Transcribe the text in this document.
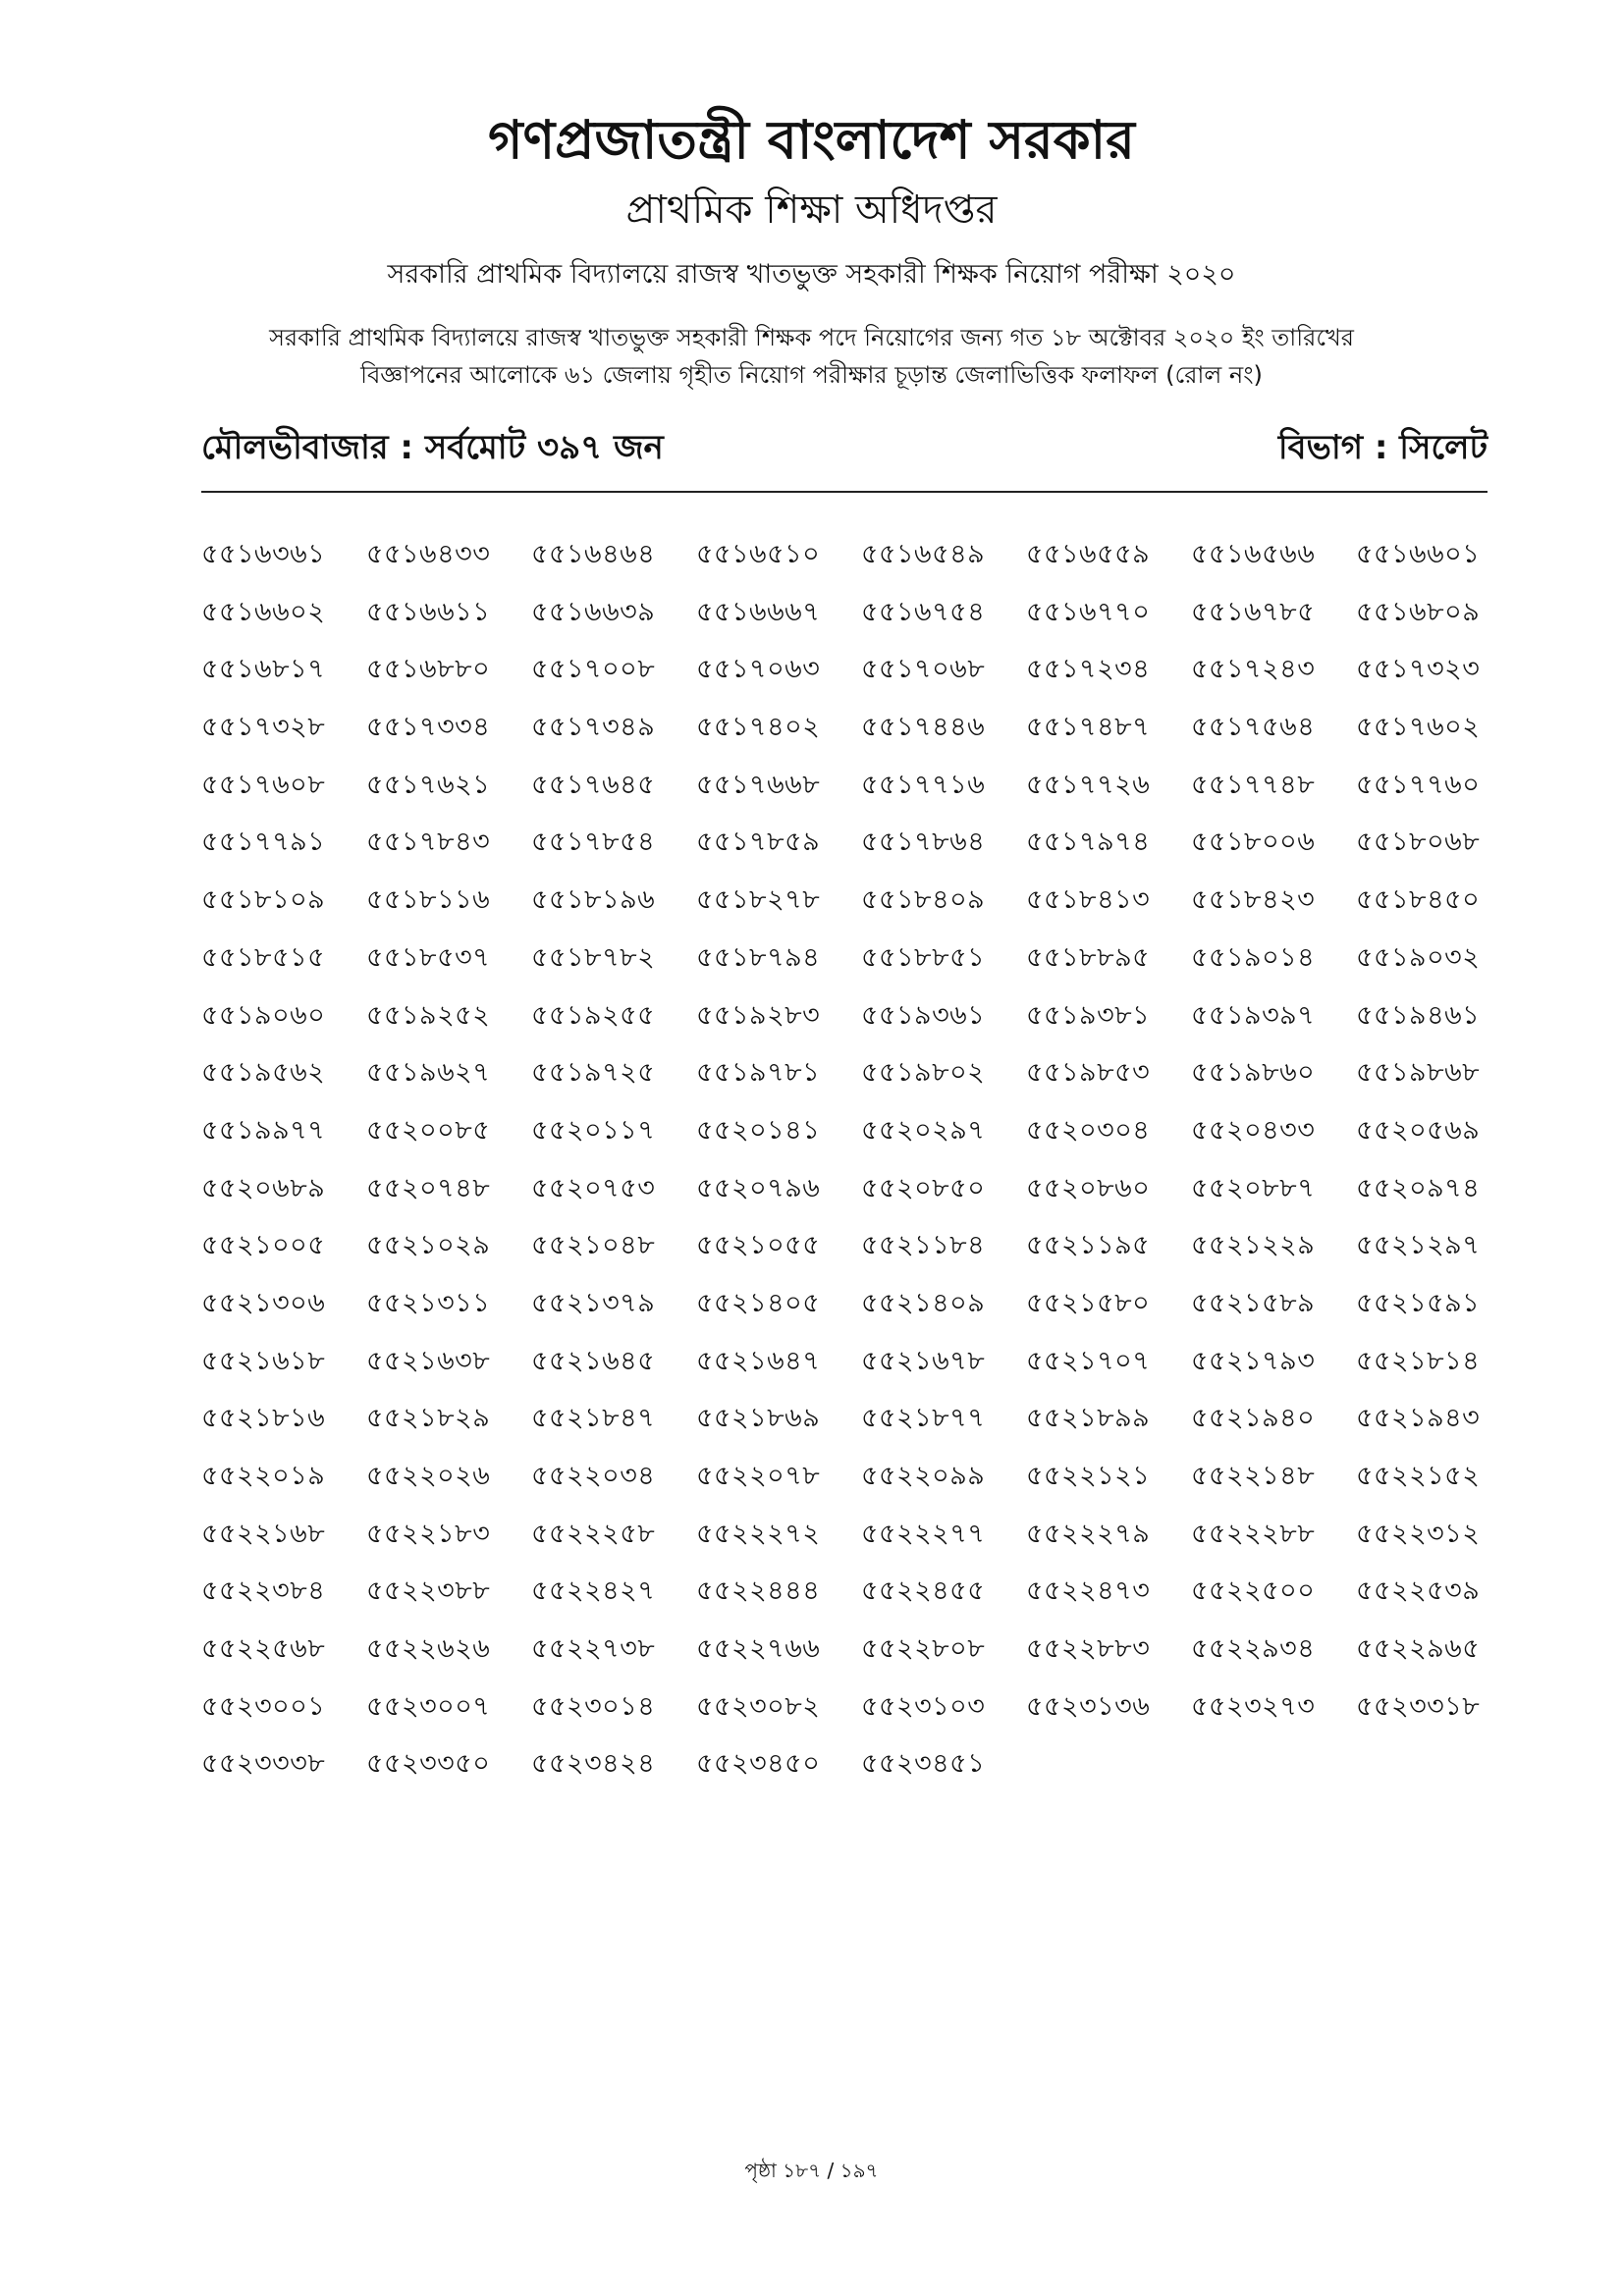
গণপ্রজাতন্ত্রী বাংলাদেশ সরকার
প্রাথমিক শিক্ষা অধিদপ্তর
সরকারি প্রাথমিক বিদ্যালয়ে রাজস্ব খাতভুক্ত সহকারী শিক্ষক নিয়োগ পরীক্ষা ২০২০
সরকারি প্রাথমিক বিদ্যালয়ে রাজস্ব খাতভুক্ত সহকারী শিক্ষক পদে নিয়োগের জন্য গত ১৮ অক্টোবর ২০২০ ইং তারিখের
বিজ্ঞাপনের আলোকে ৬১ জেলায় গৃহীত নিয়োগ পরীক্ষার চূড়ান্ত জেলাভিত্তিক ফলাফল (রোল নং)
মৌলভীবাজার : সর্বমোট ৩৯৭ জন	বিভাগ : সিলেট
৫৫১৬৩৬১	৫৫১৬৪৩৩	৫৫১৬৪৬৪	৫৫১৬৫১০	৫৫১৬৫৪৯	৫৫১৬৫৫৯	৫৫১৬৫৬৬	৫৫১৬৬০১
৫৫১৬৬০২	৫৫১৬৬১১	৫৫১৬৬৩৯	৫৫১৬৬৬৭	৫৫১৬৭৫৪	৫৫১৬৭৭০	৫৫১৬৭৮৫	৫৫১৬৮০৯
৫৫১৬৮১৭	৫৫১৬৮৮০	৫৫১৭০০৮	৫৫১৭০৬৩	৫৫১৭০৬৮	৫৫১৭২৩৪	৫৫১৭২৪৩	৫৫১৭৩২৩
৫৫১৭৩২৮	৫৫১৭৩৩৪	৫৫১৭৩৪৯	৫৫১৭৪০২	৫৫১৭৪৪৬	৫৫১৭৪৮৭	৫৫১৭৫৬৪	৫৫১৭৬০২
৫৫১৭৬০৮	৫৫১৭৬২১	৫৫১৭৬৪৫	৫৫১৭৬৬৮	৫৫১৭৭১৬	৫৫১৭৭২৬	৫৫১৭৭৪৮	৫৫১৭৭৬০
৫৫১৭৭৯১	৫৫১৭৮৪৩	৫৫১৭৮৫৪	৫৫১৭৮৫৯	৫৫১৭৮৬৪	৫৫১৭৯৭৪	৫৫১৮০০৬	৫৫১৮০৬৮
৫৫১৮১০৯	৫৫১৮১১৬	৫৫১৮১৯৬	৫৫১৮২৭৮	৫৫১৮৪০৯	৫৫১৮৪১৩	৫৫১৮৪২৩	৫৫১৮৪৫০
৫৫১৮৫১৫	৫৫১৮৫৩৭	৫৫১৮৭৮২	৫৫১৮৭৯৪	৫৫১৮৮৫১	৫৫১৮৮৯৫	৫৫১৯০১৪	৫৫১৯০৩২
৫৫১৯০৬০	৫৫১৯২৫২	৫৫১৯২৫৫	৫৫১৯২৮৩	৫৫১৯৩৬১	৫৫১৯৩৮১	৫৫১৯৩৯৭	৫৫১৯৪৬১
৫৫১৯৫৬২	৫৫১৯৬২৭	৫৫১৯৭২৫	৫৫১৯৭৮১	৫৫১৯৮০২	৫৫১৯৮৫৩	৫৫১৯৮৬০	৫৫১৯৮৬৮
৫৫১৯৯৭৭	৫৫২০০৮৫	৫৫২০১১৭	৫৫২০১৪১	৫৫২০২৯৭	৫৫২০৩০৪	৫৫২০৪৩৩	৫৫২০৫৬৯
৫৫২০৬৮৯	৫৫২০৭৪৮	৫৫২০৭৫৩	৫৫২০৭৯৬	৫৫২০৮৫০	৫৫২০৮৬০	৫৫২০৮৮৭	৫৫২০৯৭৪
৫৫২১০০৫	৫৫২১০২৯	৫৫২১০৪৮	৫৫২১০৫৫	৫৫২১১৮৪	৫৫২১১৯৫	৫৫২১২২৯	৫৫২১২৯৭
৫৫২১৩০৬	৫৫২১৩১১	৫৫২১৩৭৯	৫৫২১৪০৫	৫৫২১৪০৯	৫৫২১৫৮০	৫৫২১৫৮৯	৫৫২১৫৯১
৫৫২১৬১৮	৫৫২১৬৩৮	৫৫২১৬৪৫	৫৫২১৬৪৭	৫৫২১৬৭৮	৫৫২১৭০৭	৫৫২১৭৯৩	৫৫২১৮১৪
৫৫২১৮১৬	৫৫২১৮২৯	৫৫২১৮৪৭	৫৫২১৮৬৯	৫৫২১৮৭৭	৫৫২১৮৯৯	৫৫২১৯৪০	৫৫২১৯৪৩
৫৫২২০১৯	৫৫২২০২৬	৫৫২২০৩৪	৫৫২২০৭৮	৫৫২২০৯৯	৫৫২২১২১	৫৫২২১৪৮	৫৫২২১৫২
৫৫২২১৬৮	৫৫২২১৮৩	৫৫২২২৫৮	৫৫২২২৭২	৫৫২২২৭৭	৫৫২২২৭৯	৫৫২২২৮৮	৫৫২২৩১২
৫৫২২৩৮৪	৫৫২২৩৮৮	৫৫২২৪২৭	৫৫২২৪৪৪	৫৫২২৪৫৫	৫৫২২৪৭৩	৫৫২২৫০০	৫৫২২৫৩৯
৫৫২২৫৬৮	৫৫২২৬২৬	৫৫২২৭৩৮	৫৫২২৭৬৬	৫৫২২৮০৮	৫৫২২৮৮৩	৫৫২২৯৩৪	৫৫২২৯৬৫
৫৫২৩০০১	৫৫২৩০০৭	৫৫২৩০১৪	৫৫২৩০৮২	৫৫২৩১০৩	৫৫২৩১৩৬	৫৫২৩২৭৩	৫৫২৩৩১৮
৫৫২৩৩৩৮	৫৫২৩৩৫০	৫৫২৩৪২৪	৫৫২৩৪৫০	৫৫২৩৪৫১
পৃষ্ঠা ১৮৭ / ১৯৭
